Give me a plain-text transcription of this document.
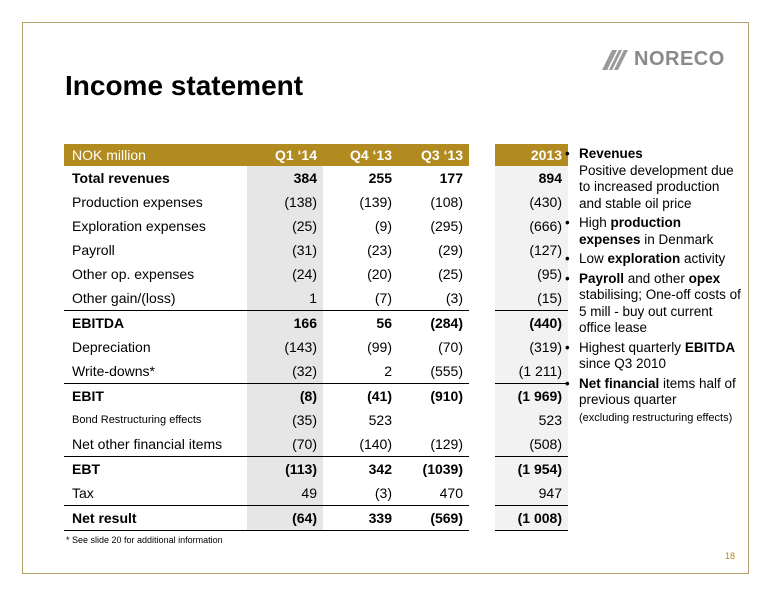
NORECO
Income statement
NOK million	Q1 ‘14	Q4 ‘13	Q3 ‘13		2013
Total revenues	384	255	177		894
Production expenses	(138)	(139)	(108)		(430)
Exploration expenses	(25)	(9)	(295)		(666)
Payroll	(31)	(23)	(29)		(127)
Other op. expenses	(24)	(20)	(25)		(95)
Other gain/(loss)	1	(7)	(3)		(15)
EBITDA	166	56	(284)		(440)
Depreciation	(143)	(99)	(70)		(319)
Write-downs*	(32)	2	(555)		(1 211)
EBIT	(8)	(41)	(910)		(1 969)
Bond Restructuring effects	(35)	523			523
Net other financial items	(70)	(140)	(129)		(508)
EBT	(113)	342	(1039)		(1 954)
Tax	49	(3)	470		947
Net result	(64)	339	(569)		(1 008)
• Revenues
Positive development due to increased production and stable oil price
• High production expenses in Denmark
• Low exploration activity
• Payroll and other opex stabilising; One-off costs of 5 mill - buy out current office lease
• Highest quarterly EBITDA since Q3 2010
• Net financial items half of previous quarter
(excluding restructuring effects)
* See slide 20 for additional information
18
